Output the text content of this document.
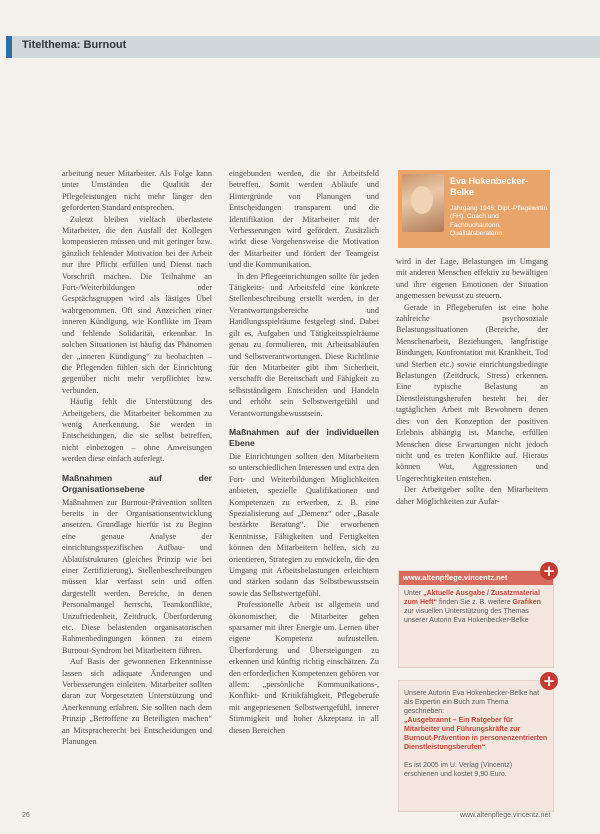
Titelthema: Burnout

arbeitung neuer Mitarbeiter. Als Folge kann unter Umständen die Qualität der Pflegeleistungen nicht mehr länger den geforderten Standard entsprechen.

Zuletzt bleiben vielfach überlastete Mitarbeiter, die den Ausfall der Kollegen kompensieren müssen und mit geringer bzw. gänzlich fehlender Motivation bei der Arbeit nur ihre Pflicht erfüllen und Dienst nach Vorschrift machen. Die Teilnahme an Fort-/Weiterbildungen oder Gesprächsgruppen wird als lästiges Übel wahrgenommen. Oft sind Anzeichen einer inneren Kündigung, wie Konflikte im Team und fehlende Solidarität, erkennbar. In solchen Situationen ist häufig das Phänomen der „inneren Kündigung“ zu beobachten – die Pflegenden fühlen sich der Einrichtung gegenüber nicht mehr verpflichtet bzw. verbunden.

Häufig fehlt die Unterstützung des Arbeitgebers, die Mitarbeiter bekommen zu wenig Anerkennung. Sie werden in Entscheidungen, die sie selbst betreffen, nicht einbezogen – ohne Anweisungen werden diese einfach auferlegt.

Maßnahmen auf der Organisationsebene

Maßnahmen zur Burnout-Prävention sollten bereits in der Organisationsentwicklung ansetzen. Grundlage hierfür ist zu Beginn eine genaue Analyse der einrichtungsspezifischen Aufbau- und Ablaufstrukturen (gleiches Prinzip wie bei einer Zertifizierung). Stellenbeschreibungen müssen klar verfasst sein und offen dargestellt werden. Bereiche, in denen Personalmangel herrscht, Teamkonflikte, Unzufriedenheit, Zeitdruck, Überforderung etc. Diese belastenden organisatorischen Rahmenbedingungen können zu einem Burnout-Syndrom bei Mitarbeitern führen.

Auf Basis der gewonnenen Erkenntnisse lassen sich adäquate Änderungen und Verbesserungen einleiten. Mitarbeiter sollten daran zur Vorgesetzten Unterstützung und Anerkennung erfahren. Sie sollten nach dem Prinzip „Betroffene zu Beteiligten machen“ an Mitspracherecht bei Entscheidungen und Planungen

eingebunden werden, die ihr Arbeitsfeld betreffen. Somit werden Abläufe und Hintergründe von Planungen und Entscheidungen transparent und die Identifikation der Mitarbeiter mit der Verbesserungen wird gefördert. Zusätzlich wirkt diese Vorgehensweise die Motivation der Mitarbeiter und fördert der Teamgeist und die Kommunikation.

In den Pflegeeinrichtungen sollte für jeden Tätigkeits- und Arbeitsfeld eine konkrete Stellenbeschreibung erstellt werden, in der Verantwortungsbereiche und Handlungsspielräume festgelegt sind. Dabei gilt es, Aufgaben und Tätigkeitsspielräume genau zu formulieren, mit Arbeitsabläufen und Selbstverantwortungen. Diese Richtlinie für den Mitarbeiter gibt ihm Sicherheit, verschafft die Bereitschaft und Fähigkeit zu selbstständigem Entscheiden und Handeln und erhöht sein Selbstwertgefühl und Verantwortungsbewusstsein.

Maßnahmen auf der individuellen Ebene

Die Einrichtungen sollten den Mitarbeitern so unterschiedlichen Interessen und extra den Fort- und Weiterbildungen Möglichkeiten anbieten, spezielle Qualifikationen und Kompetenzen zu erwerben, z. B. eine Spezialisierung auf „Demenz“ oder „Basale bestärkte Beratung“. Die erworbenen Kenntnisse, Fähigkeiten und Fertigkeiten können den Mitarbeitern helfen, sich zu orientieren, Strategien zu entwickeln, die den Umgang mit Arbeitsbelastungen erleichtern und stärken sodann das Selbstbewusstsein sowie das Selbstwertgefühl.

Professionelle Arbeit ist allgemein und ökonomischer, die Mitarbeiter gehen sparsamer mit ihrer Energie um. Lernen über eigene Kompetenz aufzustellen. Überforderung und Übersteigungen zu erkennen und künftig richtig einschätzen. Zu den erforderlichen Kompetenzen gehören vor allem: „persönliche Kommunikations-, Konflikt- und Kritikfähigkeit, Pflegeberufe mit angepriesenen Selbstwertgefühl, innerer Stimmigkeit und hoher Akzeptanz in all diesen Bereichen

Eva Hokenbecker-Belke
Jahrgang 1946, Dipl.-Pflegewirtin (FH), Coach und Fachbuchautorin, Qualitätsberaterin

wird in der Lage, Belastungen im Umgang mit anderen Menschen effektiv zu bewältigen und ihre eigenen Emotionen der Situation angemessen bewusst zu steuern.

Gerade in Pflegeberufen ist eine hohe zahlreiche psychosoziale Belastungssituationen (Bereiche, der Menschenarbeit, Beziehungen, langfristige Bindungen, Konfrontation mit Krankheit, Tod und Sterben etc.) sowie einrichtungsbedingte Belastungen (Zeitdruck, Stress) erkennen. Eine typische Belastung an Dienstleistungsberufen besteht bei der tagtäglichen Arbeit mit Bewohnern denen dies von den Konzeption der positiven Erlebnis abhängig ist. Manche, erfüllen Menschen diese Erwartungen nicht jedoch nicht und es treten Konflikte auf. Hieraus können Wut, Aggressionen und Ungerechtigkeiten entstehen.

Der Arbeitgeber sollte den Mitarbeitern daher Möglichkeiten zur Aufar-

www.altenpflege.vincentz.net
Unter „Aktuelle Ausgabe / Zusatzmaterial zum Heft“ finden Sie z. B. weitere Grafiken zur visuellen Unterstützung des Themas unserer Autorin Eva Hokenbecker-Belke
+
Unsere Autorin Eva Hokenbecker-Belke hat als Expertin ein Buch zum Thema geschrieben:
„Ausgebrannt – Ein Ratgeber für Mitarbeiter und Führungskräfte zur Burnout-Prävention in personenzentrierten Dienstleistungsberufen“

Es ist 2005 im U. Verlag (Vincentz) erschienen und kostet 9,90 Euro.
+
26	www.altenpflege.vincentz.net
